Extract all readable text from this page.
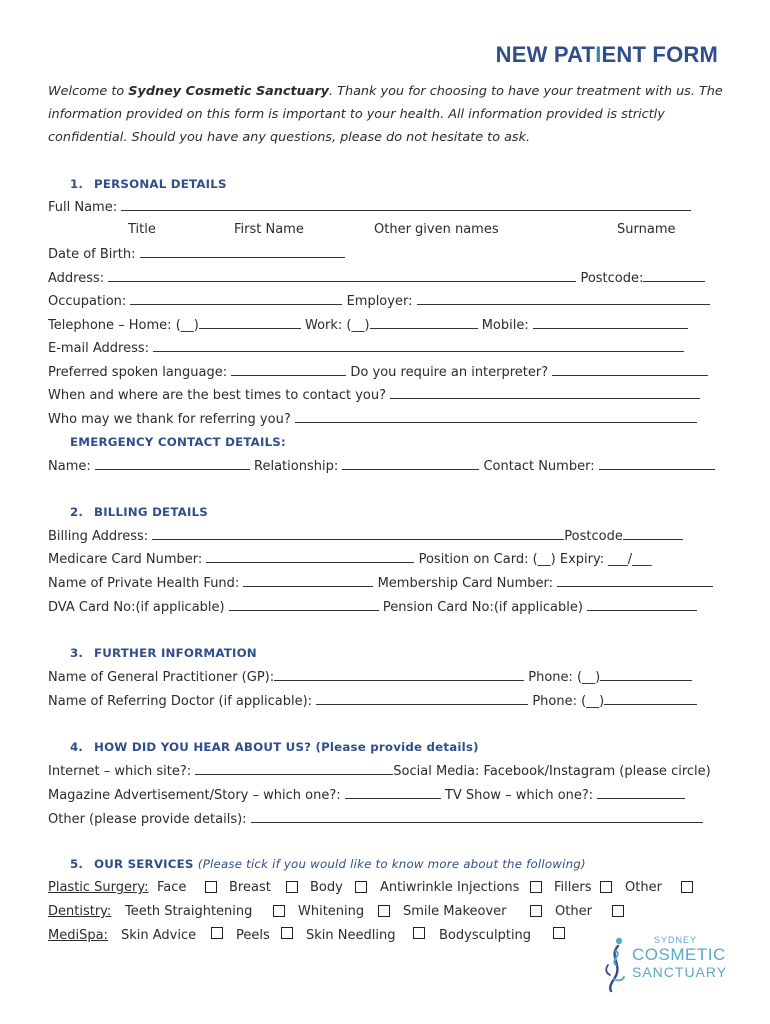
NEW PATIENT FORM
Welcome to Sydney Cosmetic Sanctuary. Thank you for choosing to have your treatment with us. The information provided on this form is important to your health. All information provided is strictly confidential. Should you have any questions, please do not hesitate to ask.
1. PERSONAL DETAILS
Full Name:
Title	First Name	Other given names	Surname
Date of Birth:
Address:	Postcode:
Occupation:	Employer:
Telephone – Home: (__)	Work: (__)	Mobile:
E-mail Address:
Preferred spoken language:	Do you require an interpreter?
When and where are the best times to contact you?
Who may we thank for referring you?
EMERGENCY CONTACT DETAILS:
Name:	Relationship:	Contact Number:
2. BILLING DETAILS
Billing Address:	Postcode
Medicare Card Number:	Position on Card: (__) Expiry: ___/___
Name of Private Health Fund:	Membership Card Number:
DVA Card No:(if applicable)	Pension Card No:(if applicable)
3. FURTHER INFORMATION
Name of General Practitioner (GP):	Phone: (__)
Name of Referring Doctor (if applicable):	Phone: (__)
4. HOW DID YOU HEAR ABOUT US? (Please provide details)
Internet – which site?:	Social Media: Facebook/Instagram (please circle)
Magazine Advertisement/Story – which one?:	TV Show – which one?:
Other (please provide details):
5. OUR SERVICES (Please tick if you would like to know more about the following)
Plastic Surgery: Face	Breast	Body	Antiwrinkle Injections	Fillers	Other
Dentistry: Teeth Straightening	Whitening	Smile Makeover	Other
MediSpa: Skin Advice	Peels	Skin Needling	Bodysculpting	SYDNEY
COSMETIC
SANCTUARY
